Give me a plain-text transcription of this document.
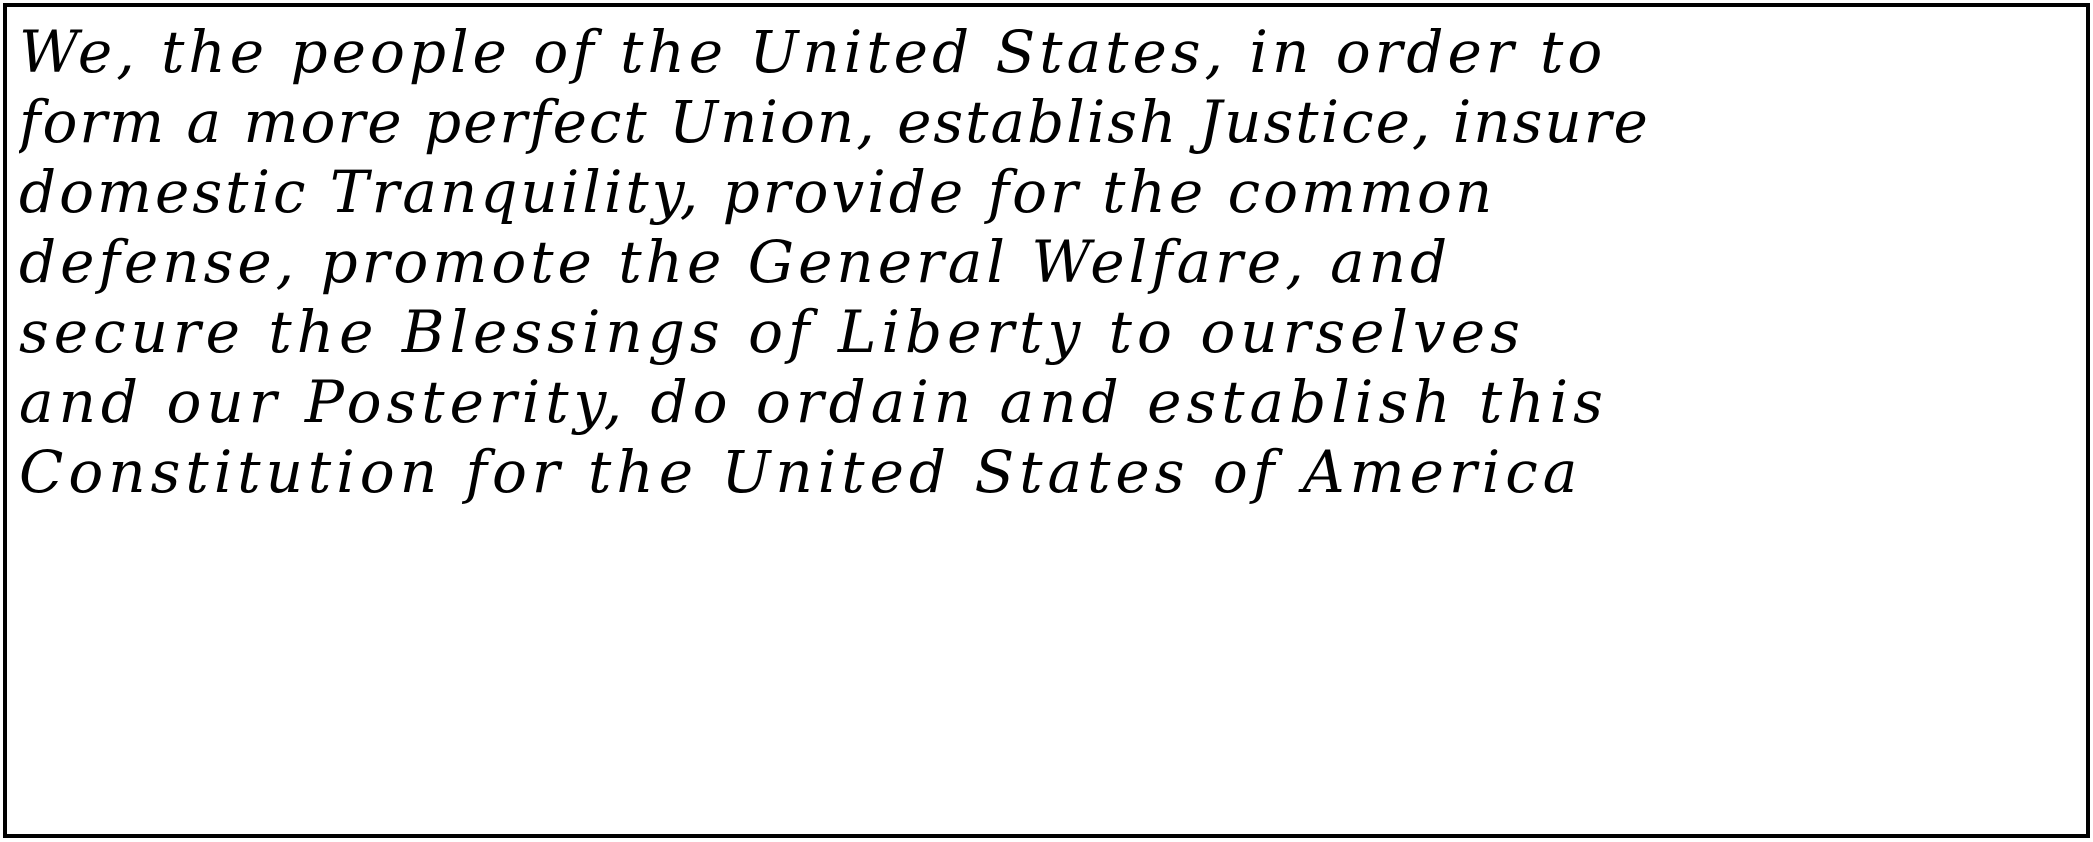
We, the people of the United States, in order to
form a more perfect Union, establish Justice, insure
domestic Tranquility, provide for the common
defense, promote the General Welfare, and
secure the Blessings of Liberty to ourselves
and our Posterity, do ordain and establish this
Constitution for the United States of America
